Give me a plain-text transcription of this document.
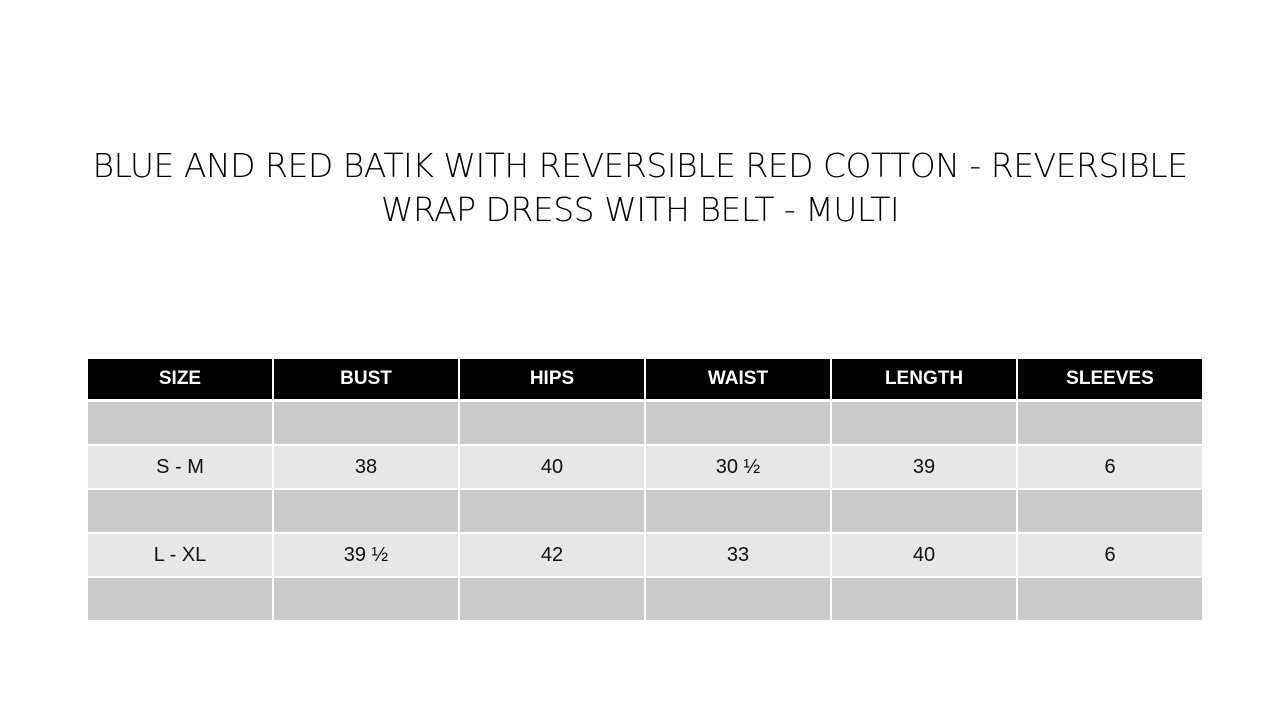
BLUE AND RED BATIK WITH REVERSIBLE RED COTTON - REVERSIBLE
WRAP DRESS WITH BELT - MULTI
SIZE	BUST	HIPS	WAIST	LENGTH	SLEEVES

S - M	38	40	30 ½	39	6

L - XL	39 ½	42	33	40	6
